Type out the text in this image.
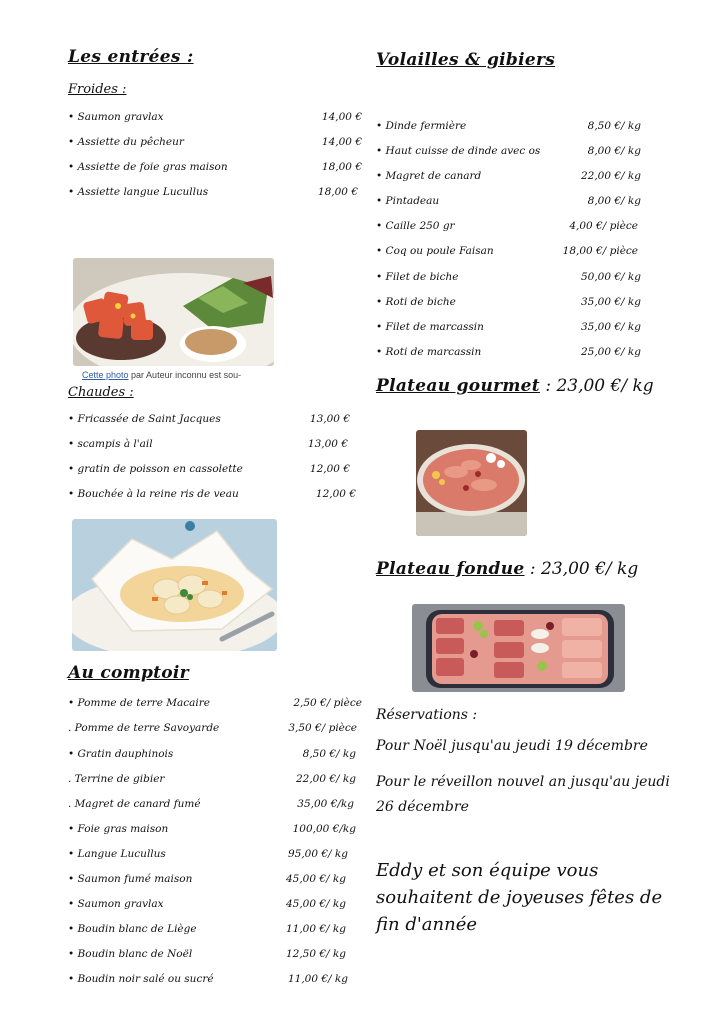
Les entrées :
Froides :
• Saumon gravlax	14,00 €
• Assiette du pêcheur	14,00 €
• Assiette de foie gras maison	18,00 €
• Assiette langue Lucullus	18,00 €
Cette photo par Auteur inconnu est sou-
Chaudes :
• Fricassée de Saint Jacques	13,00 €
• scampis à l'ail	13,00 €
• gratin de poisson en cassolette	12,00 €
• Bouchée à la reine ris de veau	12,00 €
Au comptoir
• Pomme de terre Macaire	2,50 €/ pièce
. Pomme de terre Savoyarde	3,50 €/ pièce
• Gratin dauphinois	8,50 €/ kg
. Terrine de gibier	22,00 €/ kg
. Magret de canard fumé	35,00 €/kg
• Foie gras maison	100,00 €/kg
• Langue Lucullus	95,00 €/ kg
• Saumon fumé maison	45,00 €/ kg
• Saumon gravlax	45,00 €/ kg
• Boudin blanc de Liège	11,00 €/ kg
• Boudin blanc de Noël	12,50 €/ kg
• Boudin noir salé ou sucré	11,00 €/ kg
Volailles & gibiers
• Dinde fermière	8,50 €/ kg
• Haut cuisse de dinde avec os	8,00 €/ kg
• Magret de canard	22,00 €/ kg
• Pintadeau	8,00 €/ kg
• Caille 250 gr	4,00 €/ pièce
• Coq ou poule Faisan	18,00 €/ pièce
• Filet de biche	50,00 €/ kg
• Roti de biche	35,00 €/ kg
• Filet de marcassin	35,00 €/ kg
• Roti de marcassin	25,00 €/ kg
Plateau gourmet : 23,00 €/ kg
Plateau fondue : 23,00 €/ kg
Réservations :
Pour Noël jusqu'au jeudi 19 décembre
Pour le réveillon nouvel an jusqu'au jeudi 26 décembre
Eddy et son équipe vous souhaitent de joyeuses fêtes de fin d'année
